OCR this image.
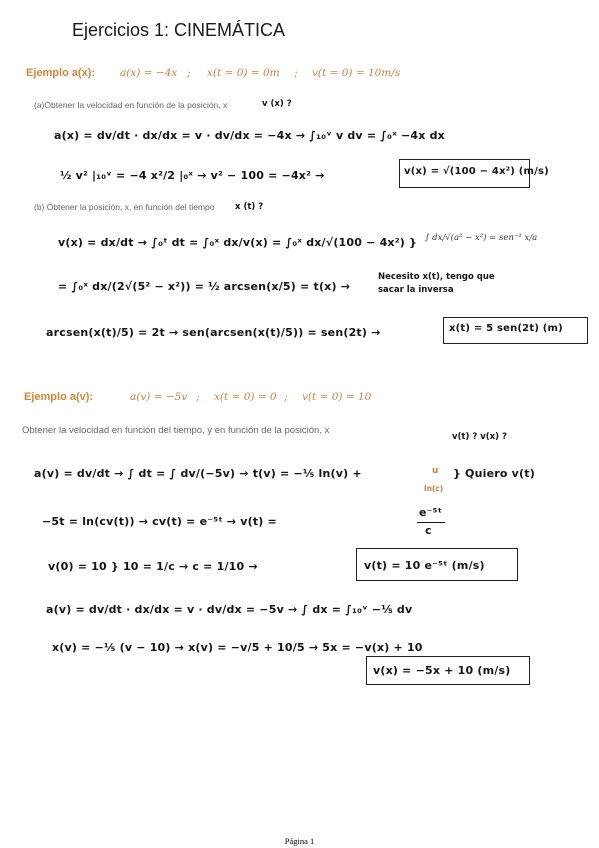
Ejercicios 1: CINEMÁTICA
Ejemplo a(x): a(x) = −4x ; x(t = 0) = 0m ; v(t = 0) = 10m/s
(a)Obtener la velocidad en función de la posición, x	v (x) ?
a(x) = dv/dt · dx/dx = v · dv/dx = −4x → ∫₁₀ᵛ v dv = ∫₀ˣ −4x dx
½ v² |₁₀ᵛ = −4 x²/2 |₀ˣ → v² − 100 = −4x² →	v(x) = √(100 − 4x²) (m/s)
(b) Obtener la posición, x, en función del tiempo x (t) ?
v(x) = dx/dt → ∫₀ᵗ dt = ∫₀ˣ dx/v(x) = ∫₀ˣ dx/√(100 − 4x²) } ∫ dx/√(a² − x²) = sen⁻¹ x/a
= ∫₀ˣ dx/(2√(5² − x²)) = ½ arcsen(x/5) = t(x) →
Necesito x(t), tengo que
sacar la inversa
arcsen(x(t)/5) = 2t → sen(arcsen(x(t)/5)) = sen(2t) →	x(t) = 5 sen(2t) (m)
Ejemplo a(v):	a(v) = −5v ; x(t = 0) = 0 ; v(t = 0) = 10
Obtener la velocidad en función del tiempo, y en función de la posición, x
v(t) ? v(x) ?
a(v) = dv/dt → ∫ dt = ∫ dv/(−5v) → t(v) = −⅕ ln(v) +	u
ln(c)
} Quiero v(t)
−5t = ln(cv(t)) → cv(t) = e⁻⁵ᵗ → v(t) =
e⁻⁵ᵗ
c
v(0) = 10 } 10 = 1/c → c = 1/10 →	v(t) = 10 e⁻⁵ᵗ (m/s)
a(v) = dv/dt · dx/dx = v · dv/dx = −5v → ∫ dx = ∫₁₀ᵛ −⅕ dv
x(v) = −⅕ (v − 10) → x(v) = −v/5 + 10/5 → 5x = −v(x) + 10
v(x) = −5x + 10 (m/s)
Página 1
